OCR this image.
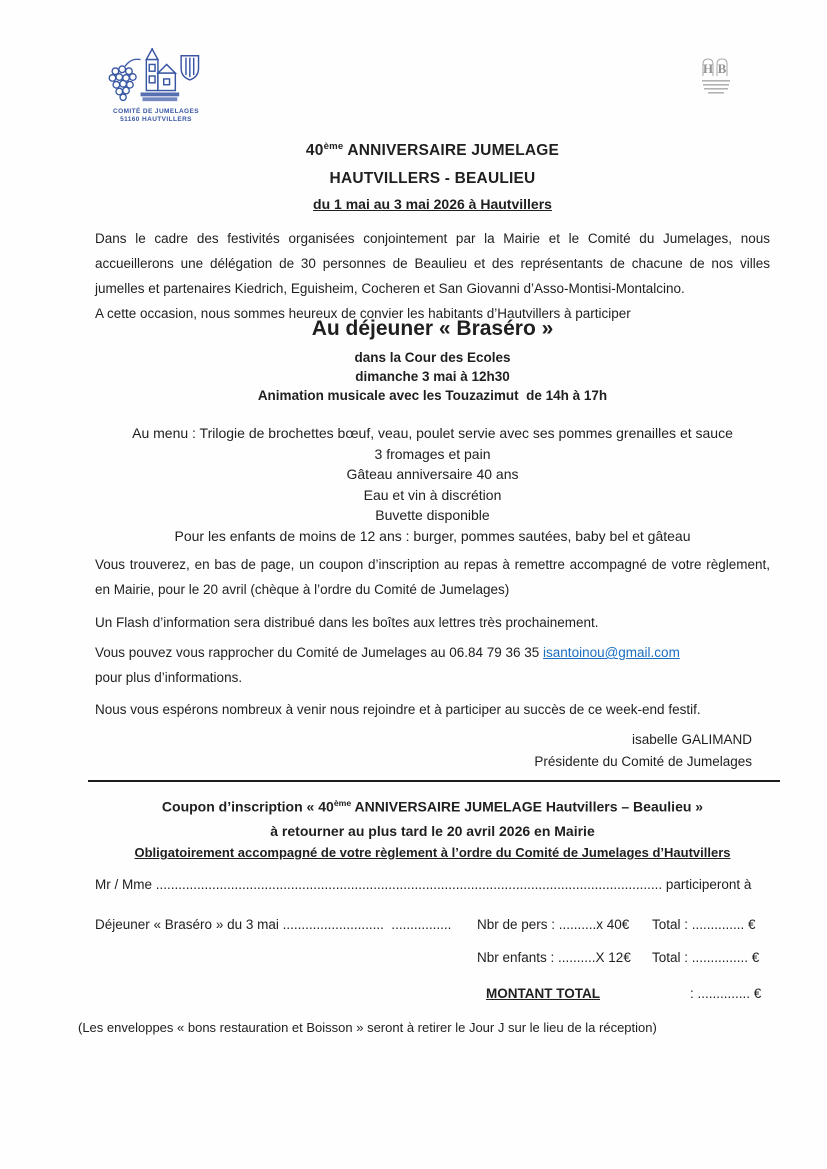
COMITÉ DE JUMELAGES
51160 HAUTVILLERS
H B
40ème ANNIVERSAIRE JUMELAGE
HAUTVILLERS - BEAULIEU
du 1 mai au 3 mai 2026 à Hautvillers

Dans le cadre des festivités organisées conjointement par la Mairie et le Comité du Jumelages, nous accueillerons une délégation de 30 personnes de Beaulieu et des représentants de chacune de nos villes jumelles et partenaires Kiedrich, Eguisheim, Cocheren et San Giovanni d’Asso-Montisi-Montalcino.
A cette occasion, nous sommes heureux de convier les habitants d’Hautvillers à participer

Au déjeuner « Braséro »
dans la Cour des Ecoles
dimanche 3 mai à 12h30
Animation musicale avec les Touzazimut  de 14h à 17h
Au menu : Trilogie de brochettes bœuf, veau, poulet servie avec ses pommes grenailles et sauce
3 fromages et pain
Gâteau anniversaire 40 ans
Eau et vin à discrétion
Buvette disponible
Pour les enfants de moins de 12 ans : burger, pommes sautées, baby bel et gâteau

Vous trouverez, en bas de page, un coupon d’inscription au repas à remettre accompagné de votre règlement, en Mairie, pour le 20 avril (chèque à l’ordre du Comité de Jumelages)

Un Flash d’information sera distribué dans les boîtes aux lettres très prochainement.

Vous pouvez vous rapprocher du Comité de Jumelages au 06.84 79 36 35 isantoinou@gmail.com
pour plus d’informations.

Nous vous espérons nombreux à venir nous rejoindre et à participer au succès de ce week-end festif.

isabelle GALIMAND
Présidente du Comité de Jumelages
Coupon d’inscription « 40ème ANNIVERSAIRE JUMELAGE Hautvillers – Beaulieu »
à retourner au plus tard le 20 avril 2026 en Mairie
Obligatoirement accompagné de votre règlement à l’ordre du Comité de Jumelages d’Hautvillers
Mr / Mme ....................................................................................................................................... participeront à

Déjeuner « Braséro » du 3 mai ...........................  ................

Nbr de pers : ..........x 40€

Total : .............. €

Nbr enfants : ..........X 12€

Total : ............... €

MONTANT TOTAL

	: .............. €

(Les enveloppes « bons restauration et Boisson » seront à retirer le Jour J sur le lieu de la réception)
